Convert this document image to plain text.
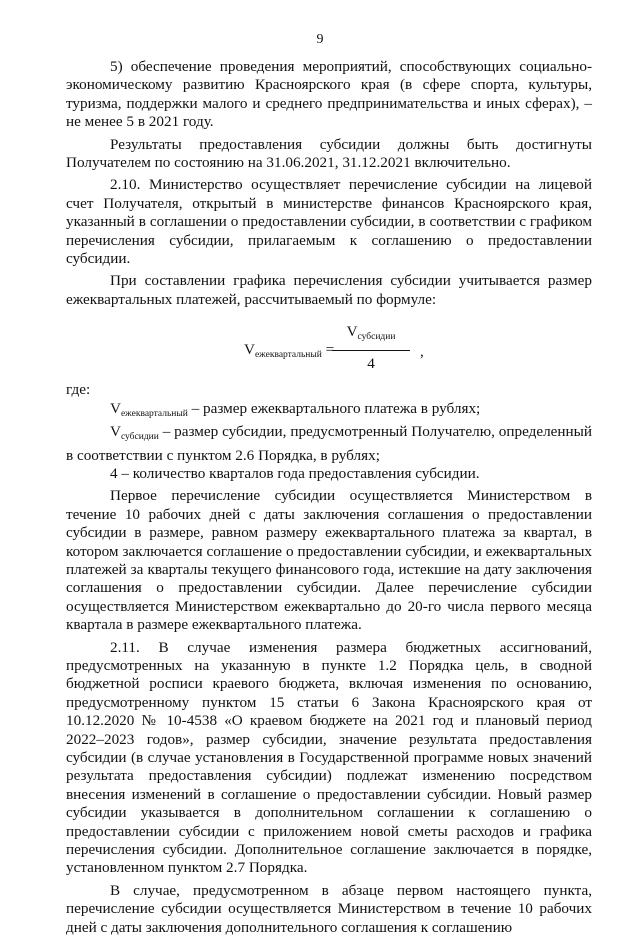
9

5) обеспечение проведения мероприятий, способствующих социально-экономическому развитию Красноярского края (в сфере спорта, культуры, туризма, поддержки малого и среднего предпринимательства и иных сферах), – не менее 5 в 2021 году.

Результаты предоставления субсидии должны быть достигнуты Получателем по состоянию на 31.06.2021, 31.12.2021 включительно.

2.10. Министерство осуществляет перечисление субсидии на лицевой счет Получателя, открытый в министерстве финансов Красноярского края, указанный в соглашении о предоставлении субсидии, в соответствии с графиком перечисления субсидии, прилагаемым к соглашению о предоставлении субсидии.

При составлении графика перечисления субсидии учитывается размер ежеквартальных платежей, рассчитываемый по формуле:

$V_{ежеквартальный}$ =
$V_{субсидии}$
4
,

где:

$V_{ежеквартальный}$ – размер ежеквартального платежа в рублях;

$V_{субсидии}$ – размер субсидии, предусмотренный Получателю, определенный в соответствии с пунктом 2.6 Порядка, в рублях;

4 – количество кварталов года предоставления субсидии.

Первое перечисление субсидии осуществляется Министерством в течение 10 рабочих дней с даты заключения соглашения о предоставлении субсидии в размере, равном размеру ежеквартального платежа за квартал, в котором заключается соглашение о предоставлении субсидии, и ежеквартальных платежей за кварталы текущего финансового года, истекшие на дату заключения соглашения о предоставлении субсидии. Далее перечисление субсидии осуществляется Министерством ежеквартально до 20-го числа первого месяца квартала в размере ежеквартального платежа.

2.11. В случае изменения размера бюджетных ассигнований, предусмотренных на указанную в пункте 1.2 Порядка цель, в сводной бюджетной росписи краевого бюджета, включая изменения по основанию, предусмотренному пунктом 15 статьи 6 Закона Красноярского края от 10.12.2020 № 10-4538 «О краевом бюджете на 2021 год и плановый период 2022–2023 годов», размер субсидии, значение результата предоставления субсидии (в случае установления в Государственной программе новых значений результата предоставления субсидии) подлежат изменению посредством внесения изменений в соглашение о предоставлении субсидии. Новый размер субсидии указывается в дополнительном соглашении к соглашению о предоставлении субсидии с приложением новой сметы расходов и графика перечисления субсидии. Дополнительное соглашение заключается в порядке, установленном пунктом 2.7 Порядка.

В случае, предусмотренном в абзаце первом настоящего пункта, перечисление субсидии осуществляется Министерством в течение 10 рабочих дней с даты заключения дополнительного соглашения к соглашению
